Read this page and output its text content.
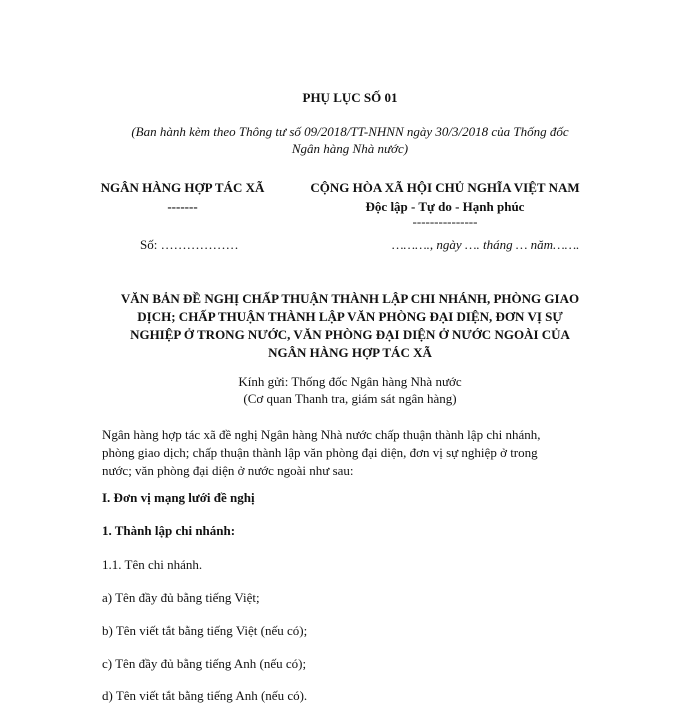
PHỤ LỤC SỐ 01
(Ban hành kèm theo Thông tư số 09/2018/TT-NHNN ngày 30/3/2018 của Thống đốc
Ngân hàng Nhà nước)
NGÂN HÀNG HỢP TÁC XÃ
-------
CỘNG HÒA XÃ HỘI CHỦ NGHĨA VIỆT NAM
Độc lập - Tự do - Hạnh phúc
---------------
Số: ………………	………., ngày …. tháng … năm…….
VĂN BẢN ĐỀ NGHỊ CHẤP THUẬN THÀNH LẬP CHI NHÁNH, PHÒNG GIAO
DỊCH; CHẤP THUẬN THÀNH LẬP VĂN PHÒNG ĐẠI DIỆN, ĐƠN VỊ SỰ
NGHIỆP Ở TRONG NƯỚC, VĂN PHÒNG ĐẠI DIỆN Ở NƯỚC NGOÀI CỦA
NGÂN HÀNG HỢP TÁC XÃ
Kính gửi: Thống đốc Ngân hàng Nhà nước
(Cơ quan Thanh tra, giám sát ngân hàng)
Ngân hàng hợp tác xã đề nghị Ngân hàng Nhà nước chấp thuận thành lập chi nhánh,
phòng giao dịch; chấp thuận thành lập văn phòng đại diện, đơn vị sự nghiệp ở trong
nước; văn phòng đại diện ở nước ngoài như sau:
I. Đơn vị mạng lưới đề nghị
1. Thành lập chi nhánh:
1.1. Tên chi nhánh.
a) Tên đầy đủ bằng tiếng Việt;
b) Tên viết tắt bằng tiếng Việt (nếu có);
c) Tên đầy đủ bằng tiếng Anh (nếu có);
d) Tên viết tắt bằng tiếng Anh (nếu có).
